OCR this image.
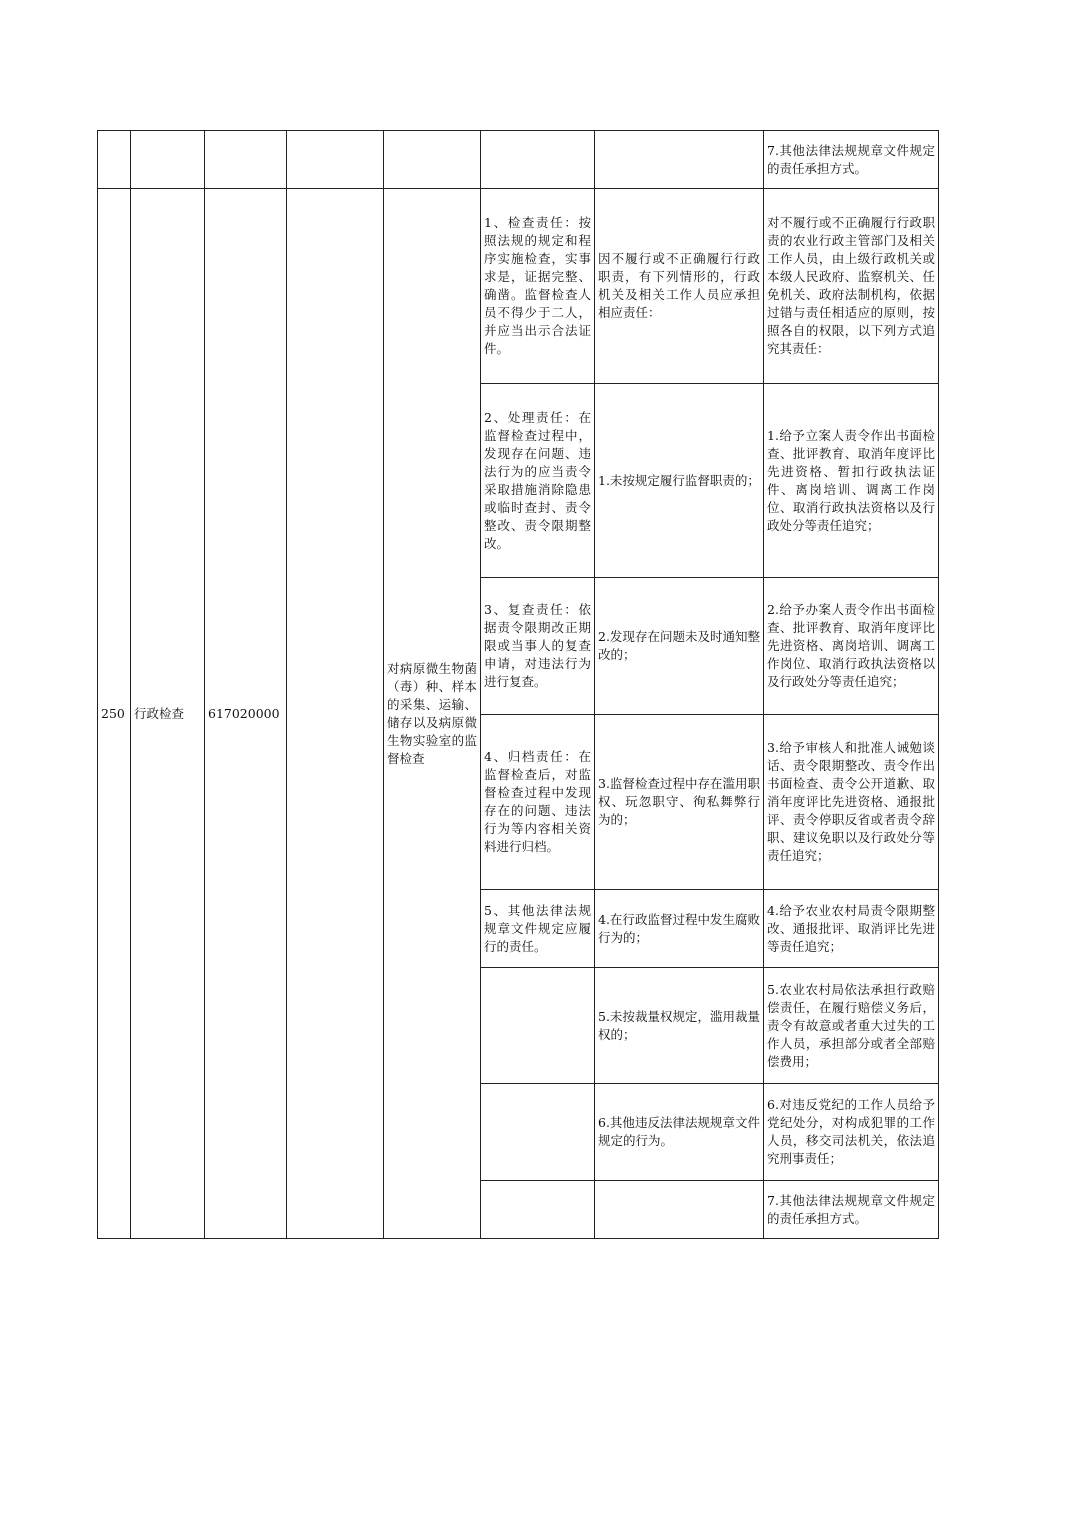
							7.其他法律法规规章文件规定的责任承担方式。
250	行政检查	617020000		对病原微生物菌（毒）种、样本的采集、运输、储存以及病原微生物实验室的监督检查	1、检查责任：按照法规的规定和程序实施检查，实事求是，证据完整、确凿。监督检查人员不得少于二人，并应当出示合法证件。	因不履行或不正确履行行政职责，有下列情形的，行政机关及相关工作人员应承担相应责任：	对不履行或不正确履行行政职责的农业行政主管部门及相关工作人员，由上级行政机关或本级人民政府、监察机关、任免机关、政府法制机构，依据过错与责任相适应的原则，按照各自的权限，以下列方式追究其责任：
					2、处理责任：在监督检查过程中，发现存在问题、违法行为的应当责令采取措施消除隐患或临时查封、责令整改、责令限期整改。	1.未按规定履行监督职责的；	1.给予立案人责令作出书面检查、批评教育、取消年度评比先进资格、暂扣行政执法证件、离岗培训、调离工作岗位、取消行政执法资格以及行政处分等责任追究；
					3、复查责任：依据责令限期改正期限或当事人的复查申请，对违法行为进行复查。	2.发现存在问题未及时通知整改的；	2.给予办案人责令作出书面检查、批评教育、取消年度评比先进资格、离岗培训、调离工作岗位、取消行政执法资格以及行政处分等责任追究；
					4、归档责任：在监督检查后，对监督检查过程中发现存在的问题、违法行为等内容相关资料进行归档。	3.监督检查过程中存在滥用职权、玩忽职守、徇私舞弊行为的；	3.给予审核人和批准人诫勉谈话、责令限期整改、责令作出书面检查、责令公开道歉、取消年度评比先进资格、通报批评、责令停职反省或者责令辞职、建议免职以及行政处分等责任追究；
					5、其他法律法规规章文件规定应履行的责任。	4.在行政监督过程中发生腐败行为的；	4.给予农业农村局责令限期整改、通报批评、取消评比先进等责任追究；
						5.未按裁量权规定，滥用裁量权的；	5.农业农村局依法承担行政赔偿责任，在履行赔偿义务后，责令有故意或者重大过失的工作人员，承担部分或者全部赔偿费用；
						6.其他违反法律法规规章文件规定的行为。	6.对违反党纪的工作人员给予党纪处分，对构成犯罪的工作人员，移交司法机关，依法追究刑事责任；
							7.其他法律法规规章文件规定的责任承担方式。
